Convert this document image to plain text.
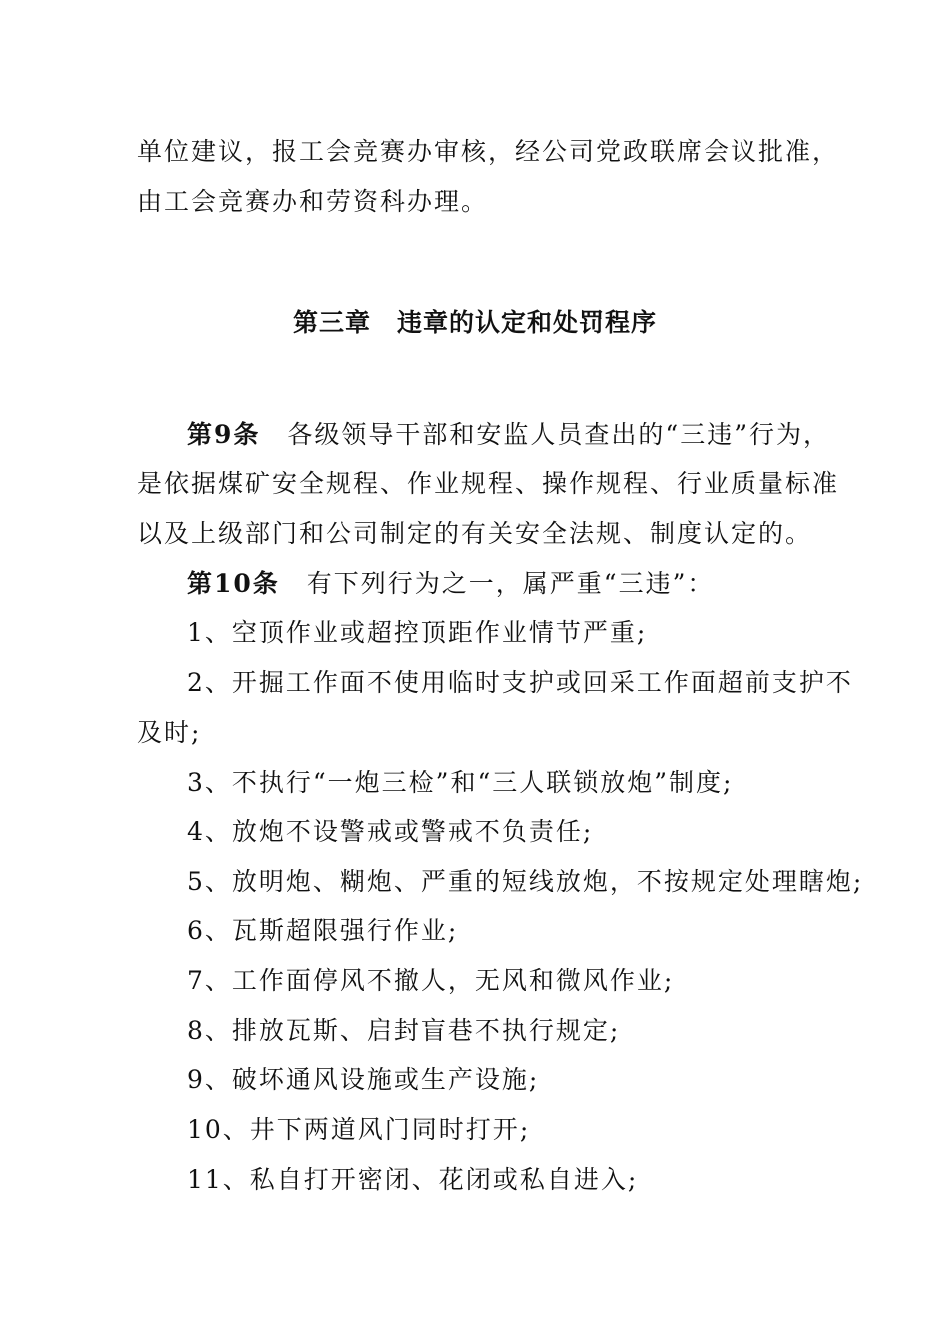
单位建议，报工会竞赛办审核，经公司党政联席会议批准，
由工会竞赛办和劳资科办理。
第三章　违章的认定和处罚程序
第9条　各级领导干部和安监人员查出的“三违”行为，
是依据煤矿安全规程、作业规程、操作规程、行业质量标准
以及上级部门和公司制定的有关安全法规、制度认定的。
第10条　有下列行为之一，属严重“三违”：
1、空顶作业或超控顶距作业情节严重;
2、开掘工作面不使用临时支护或回采工作面超前支护不
及时;
3、不执行“一炮三检”和“三人联锁放炮”制度;
4、放炮不设警戒或警戒不负责任;
5、放明炮、糊炮、严重的短线放炮，不按规定处理瞎炮;
6、瓦斯超限强行作业;
7、工作面停风不撤人，无风和微风作业;
8、排放瓦斯、启封盲巷不执行规定;
9、破坏通风设施或生产设施;
10、井下两道风门同时打开;
11、私自打开密闭、花闭或私自进入;
